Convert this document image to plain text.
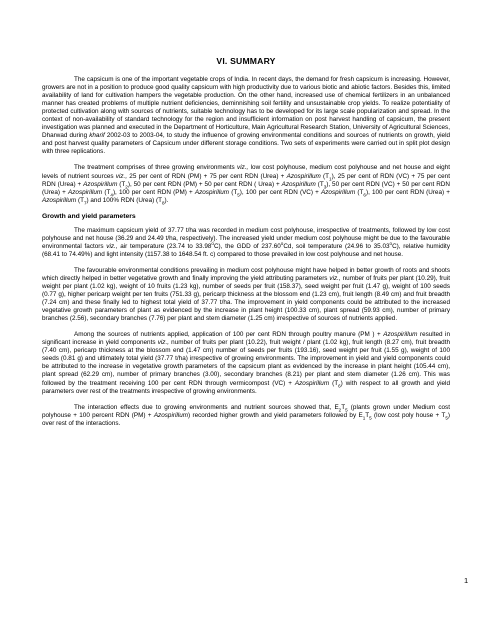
VI. SUMMARY

The capsicum is one of the important vegetable crops of India. In recent days, the demand for fresh capsicum is increasing. However, growers are not in a position to produce good quality capsicum with high productivity due to various biotic and abiotic factors. Besides this, limited availability of land for cultivation hampers the vegetable production. On the other hand, increased use of chemical fertilizers in an unbalanced manner has created problems of multiple nutrient deficiencies, deminnishing soil fertility and unsustainable crop yields. To realize potentiality of protected cultivation along with sources of nutrients, suitable technology has to be developed for its large scale popularization and spread. In the context of non-availability of standard technology for the region and insufficient information on post harvest handling of capsicum, the present investigation was planned and executed in the Department of Horticulture, Main Agricultural Research Station, University of Agricultural Sciences, Dharwad during kharif 2002-03 to 2003-04, to study the influence of growing environmental conditions and sources of nutrients on growth, yield and post harvest quality parameters of Capsicum under different storage conditions. Two sets of experiments were carried out in split plot design with three replications.

The treatment comprises of three growing environments viz., low cost polyhouse, medium cost polyhouse and net house and eight levels of nutrient sources viz., 25 per cent of RDN (PM) + 75 per cent RDN (Urea) + Azospirillum $(T_1)$, 25 per cent of RDN (VC) + 75 per cent RDN (Urea) + Azospirillum $(T_2)$, 50 per cent RDN (PM) + 50 per cent RDN ( Urea) + Azospirillum $(T_3)$, 50 per cent RDN (VC) + 50 per cent RDN (Urea) + Azospirillum $(T_4)$, 100 per cent RDN (PM) + Azospirillum $(T_5)$, 100 per cent RDN (VC) + Azospirillum $(T_6)$, 100 per cent RDN (Urea) + Azospirillum $(T_7)$ and 100% RDN (Urea) $(T_8)$.

Growth and yield parameters

The maximum capsicum yield of 37.77 t/ha was recorded in medium cost polyhouse, irrespective of treatments, followed by low cost polyhouse and net house (36.29 and 24.49 t/ha, respectively). The increased yield under medium cost polyhouse might be due to the favourable environmental factors viz., air temperature (23.74 to 33.98$^o$C), the GDD of 237.60$^o$Cd, soil temperature (24.96 to 35.03$^o$C), relative humidity (68.41 to 74.49%) and light intensity (1157.38 to 1648.54 ft. c) compared to those prevailed in low cost polyhouse and net house.

The favourable environmental conditions prevailing in medium cost polyhouse might have helped in better growth of roots and shoots which directly helped in better vegetative growth and finally improving the yield attributing parameters viz., number of fruits per plant (10.29), fruit weight per plant (1.02 kg), weight of 10 fruits (1.23 kg), number of seeds per fruit (158.37), seed weight per fruit (1.47 g), weight of 100 seeds (0.77 g), higher pericarp weight per ten fruits (751.33 g), pericarp thickness at the blossom end (1.23 cm), fruit length (8.49 cm) and fruit breadth (7.24 cm) and these finally led to highest total yield of 37.77 t/ha. The improvement in yield components could be attributed to the increased vegetative growth parameters of plant as evidenced by the increase in plant height (100.33 cm), plant spread (59.93 cm), number of primary branches (2.56), secondary branches (7.76) per plant and stem diameter (1.25 cm) irrespective of sources of nutrients applied.

Among the sources of nutrients applied, application of 100 per cent RDN through poultry manure (PM ) + Azospirillum resulted in significant increase in yield components viz., number of fruits per plant (10.22), fruit weight / plant (1.02 kg), fruit length (8.27 cm), fruit breadth (7.40 cm), pericarp thickness at the blossom end (1.47 cm) number of seeds per fruits (193.16), seed weight per fruit (1.55 g), weight of 100 seeds (0.81 g) and ultimately total yield (37.77 t/ha) irrespective of growing environments. The improvement in yield and yield components could be attributed to the increase in vegetative growth parameters of the capsicum plant as evidenced by the increase in plant height (105.44 cm), plant spread (62.29 cm), number of primary branches (3.00), secondary branches (8.21) per plant and stem diameter (1.26 cm). This was followed by the treatment receiving 100 per cent RDN through vermicompost (VC) + Azospirillum $(T_6)$ with respect to all growth and yield parameters over rest of the treatments irrespective of growing environments.

The interaction effects due to growing environments and nutrient sources showed that, $E_2T_5$ (plants grown under Medium cost polyhouse + 100 percent RDN (PM) + Azospirillum) recorded higher growth and yield parameters followed by $E_1T_5$ (low cost poly house + $T_5$) over rest of the interactions.

1
